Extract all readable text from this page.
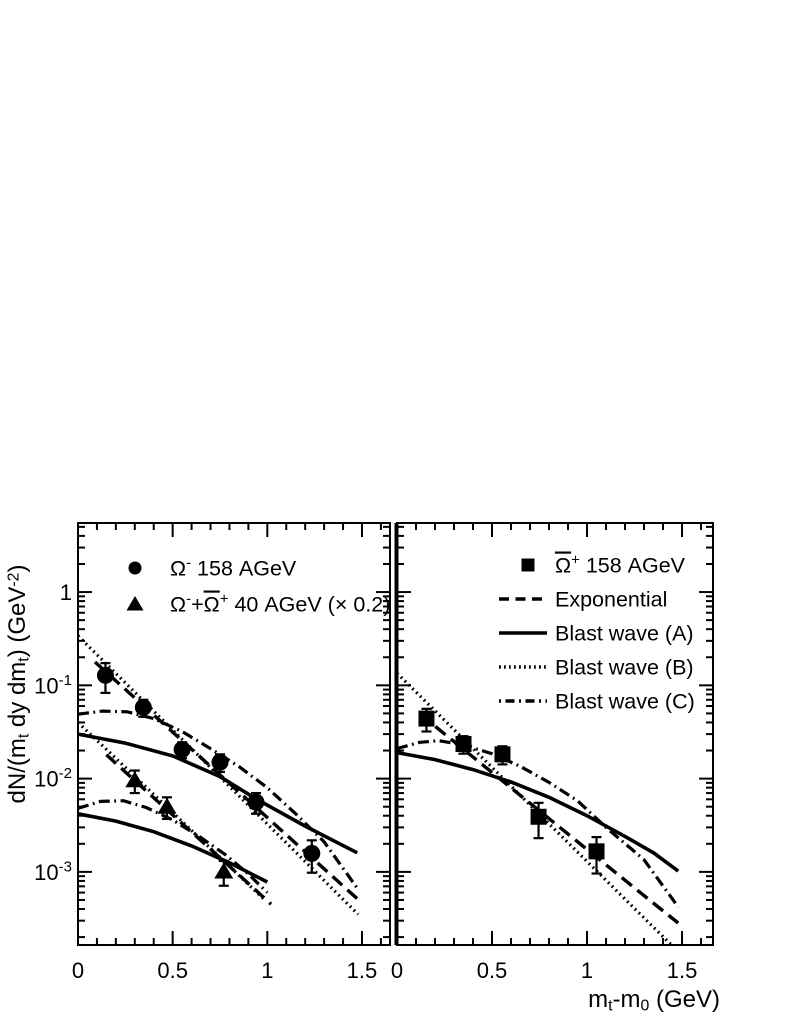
0	0.5	1	1.5
1
$10^{-1}$
$10^{-2}$
$10^{-3}$
0	0.5	1	1.5
Ω- 158 AGeV
Ω-+Ω+ 40 AGeV (× 0.2)
Ω+ 158 AGeV
Exponential
Blast wave (A)
Blast wave (B)
Blast wave (C)
$dN/(m_t$ dy $dm_t$) (GeV$^{-2}$)
$m_t-m_0$ (GeV)
